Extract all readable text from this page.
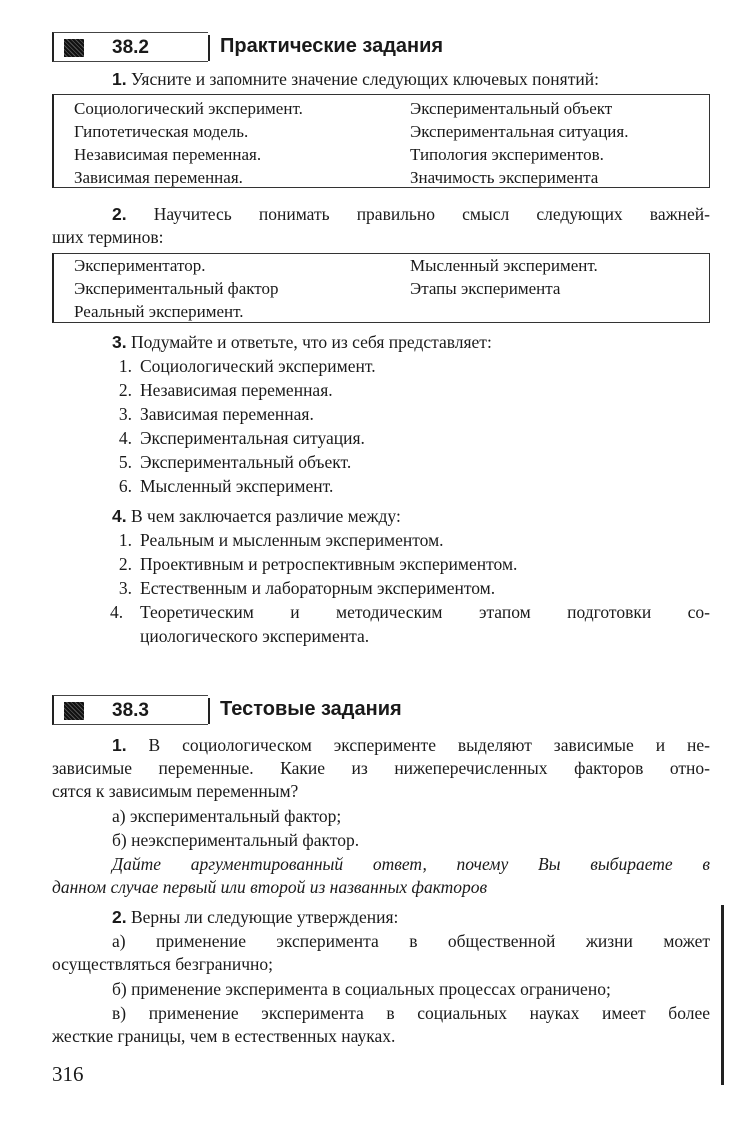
38.2	Практические задания
1. Уясните и запомните значение следующих ключевых понятий:
Социологический эксперимент.
Гипотетическая модель.
Независимая переменная.
Зависимая переменная.
Экспериментальный объект
Экспериментальная ситуация.
Типология экспериментов.
Значимость эксперимента
2. Научитесь понимать правильно смысл следующих важней-
ших терминов:
Экспериментатор.
Экспериментальный фактор
Реальный эксперимент.
Мысленный эксперимент.
Этапы эксперимента
3. Подумайте и ответьте, что из себя представляет:
1. Социологический эксперимент.
2. Независимая переменная.
3. Зависимая переменная.
4. Экспериментальная ситуация.
5. Экспериментальный объект.
6. Мысленный эксперимент.
4. В чем заключается различие между:
1. Реальным и мысленным экспериментом.
2. Проективным и ретроспективным экспериментом.
3. Естественным и лабораторным экспериментом.
4. Теоретическим и методическим этапом подготовки со-
циологического эксперимента.
38.3	Тестовые задания
1. В социологическом эксперименте выделяют зависимые и не-
зависимые переменные. Какие из нижеперечисленных факторов отно-
сятся к зависимым переменным?
а) экспериментальный фактор;
б) неэкспериментальный фактор.
Дайте аргументированный ответ, почему Вы выбираете в
данном случае первый или второй из названных факторов
2. Верны ли следующие утверждения:
а) применение эксперимента в общественной жизни может
осуществляться безгранично;
б) применение эксперимента в социальных процессах ограничено;
в) применение эксперимента в социальных науках имеет более
жесткие границы, чем в естественных науках.
316
